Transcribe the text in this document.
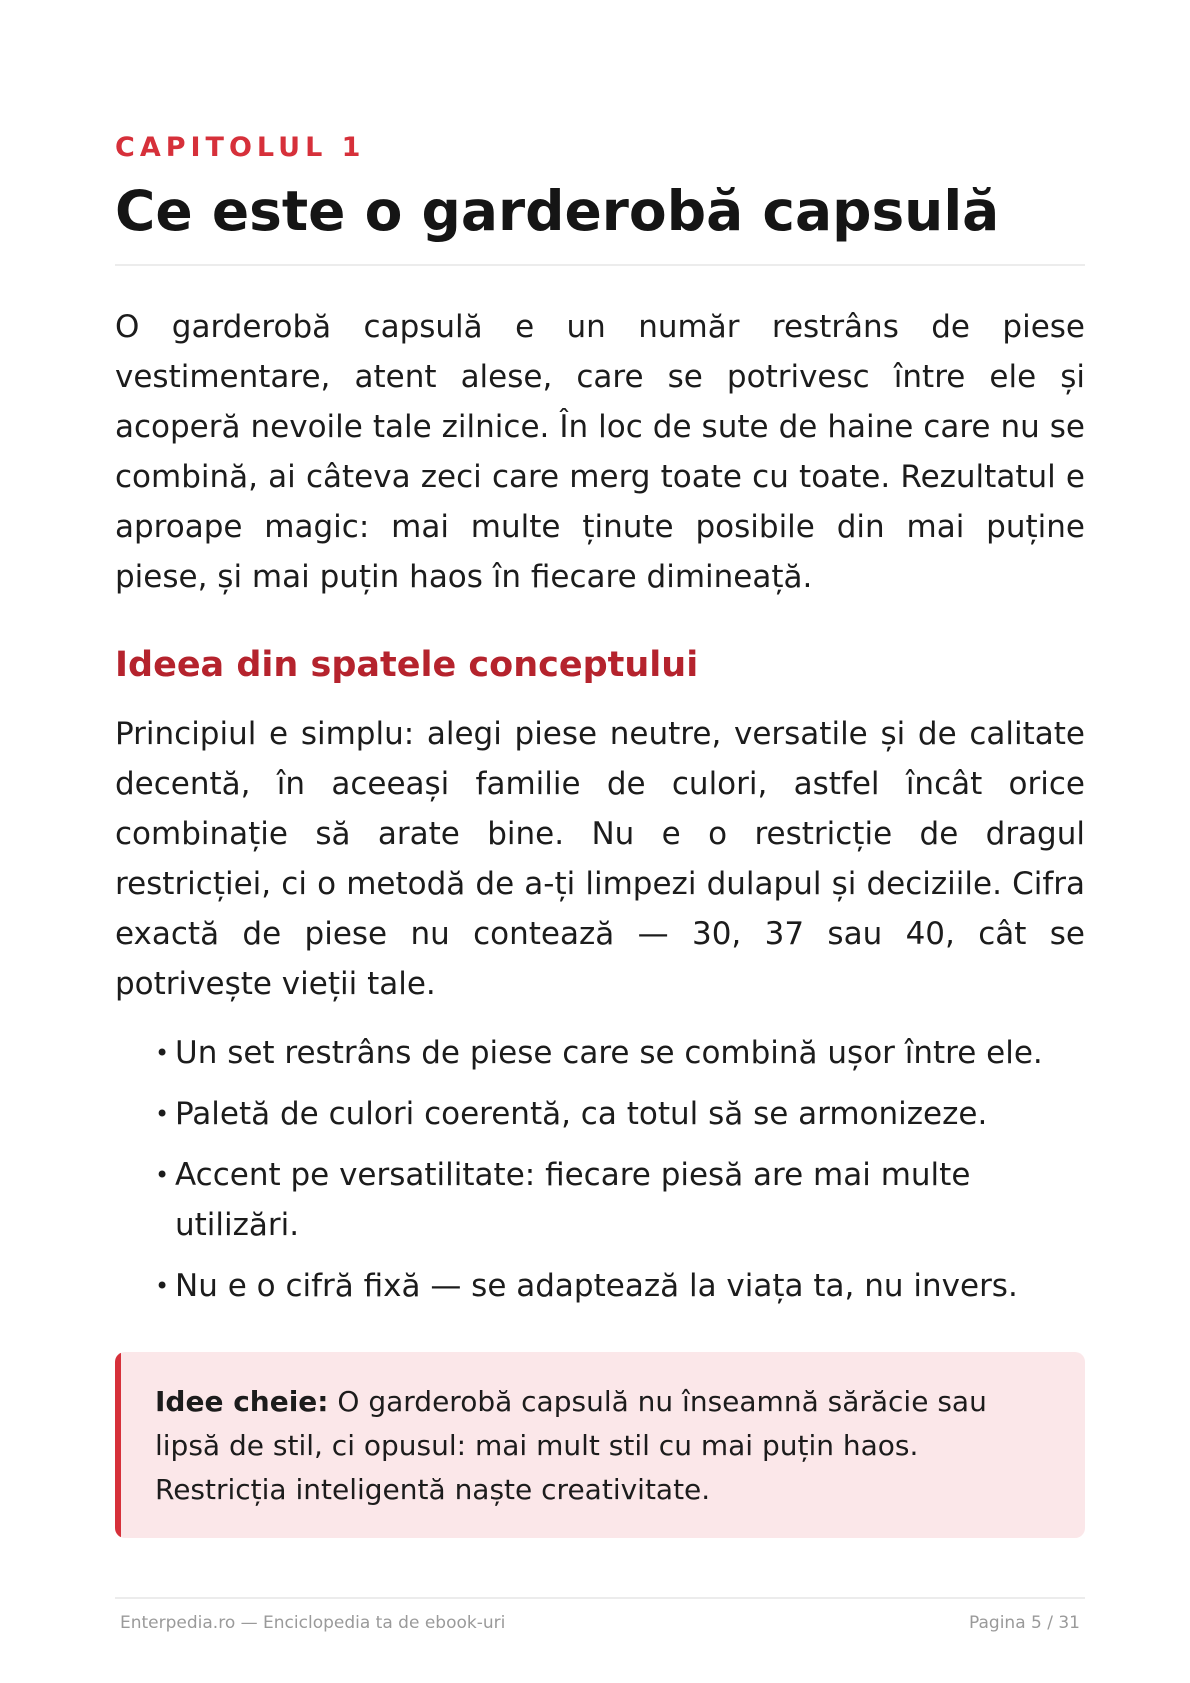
CAPITOLUL 1
Ce este o garderobă capsulă

O garderobă capsulă e un număr restrâns de piese vestimentare, atent alese, care se potrivesc între ele și acoperă nevoile tale zilnice. În loc de sute de haine care nu se combină, ai câteva zeci care merg toate cu toate. Rezultatul e aproape magic: mai multe ținute posibile din mai puține piese, și mai puțin haos în fiecare dimineață.

Ideea din spatele conceptului

Principiul e simplu: alegi piese neutre, versatile și de calitate decentă, în aceeași familie de culori, astfel încât orice combinație să arate bine. Nu e o restricție de dragul restricției, ci o metodă de a-ți limpezi dulapul și deciziile. Cifra exactă de piese nu contează — 30, 37 sau 40, cât se potrivește vieții tale.

• Un set restrâns de piese care se combină ușor între ele.
• Paletă de culori coerentă, ca totul să se armonizeze.
• Accent pe versatilitate: fiecare piesă are mai multe utilizări.
• Nu e o cifră fixă — se adaptează la viața ta, nu invers.

Idee cheie: O garderobă capsulă nu înseamnă sărăcie sau lipsă de stil, ci opusul: mai mult stil cu mai puțin haos. Restricția inteligentă naște creativitate.

Enterpedia.ro — Enciclopedia ta de ebook-uri	Pagina 5 / 31
